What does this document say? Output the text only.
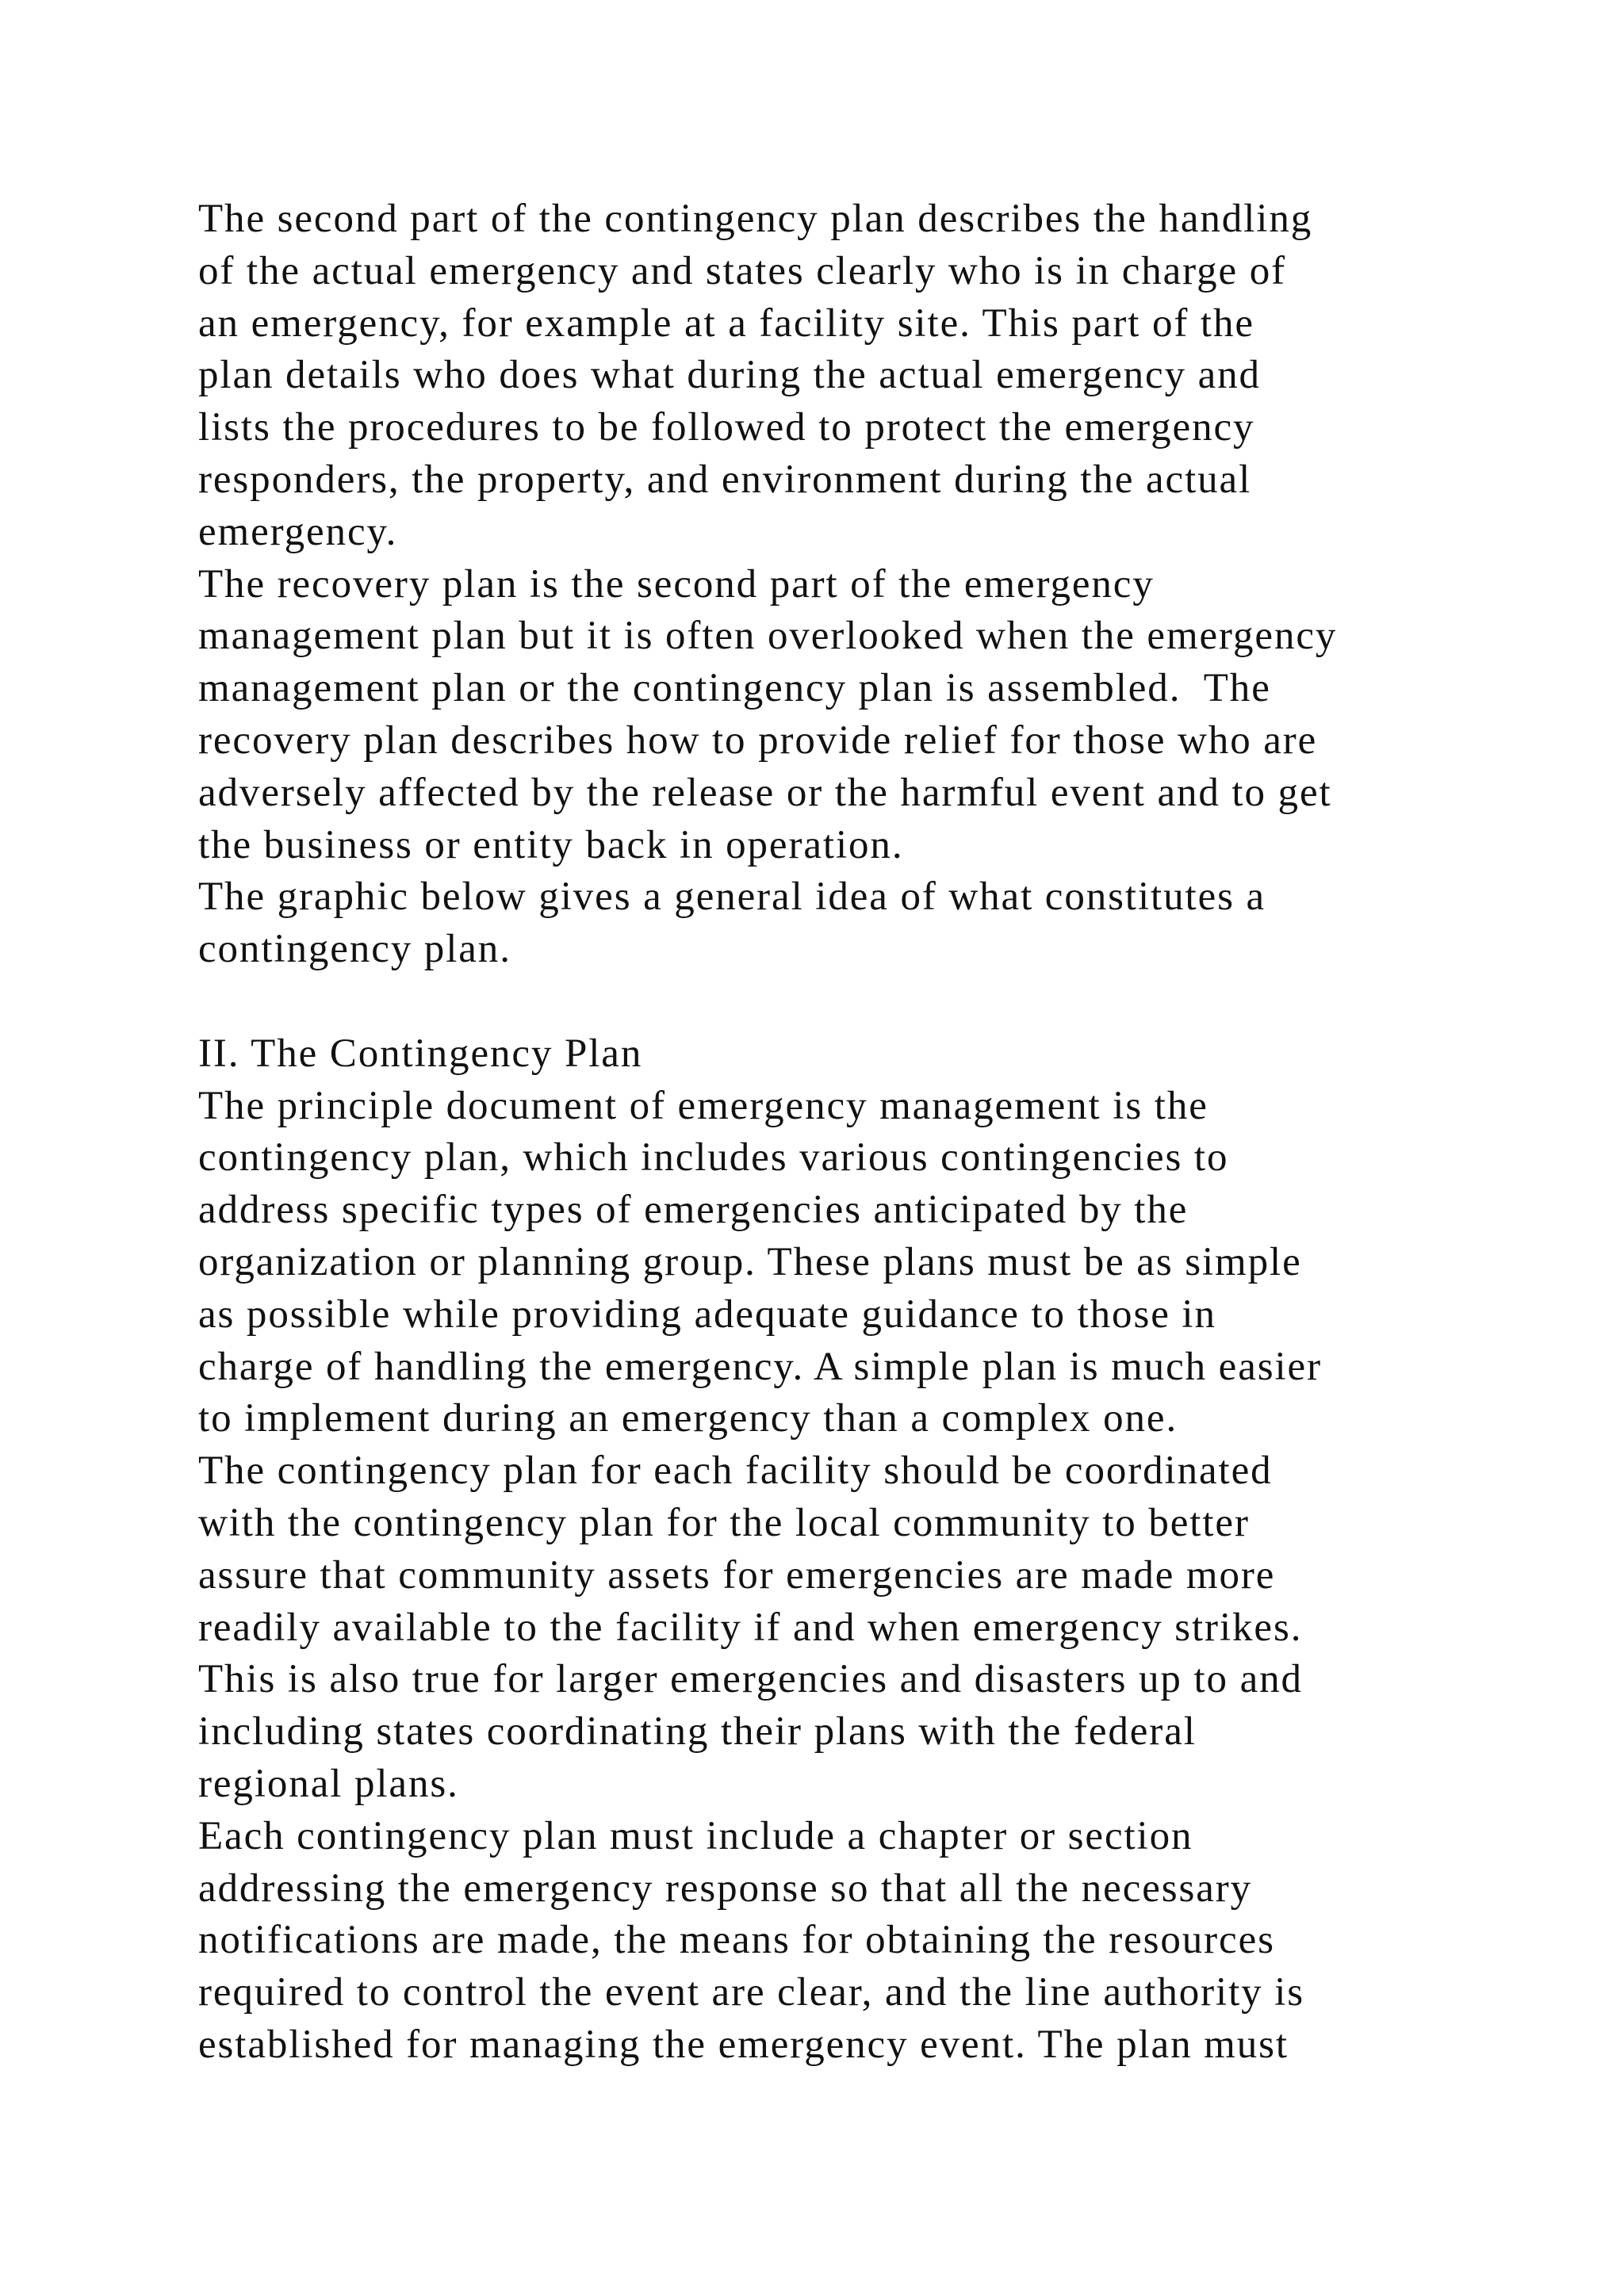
The second part of the contingency plan describes the handling
of the actual emergency and states clearly who is in charge of
an emergency, for example at a facility site. This part of the
plan details who does what during the actual emergency and
lists the procedures to be followed to protect the emergency
responders, the property, and environment during the actual
emergency.
The recovery plan is the second part of the emergency
management plan but it is often overlooked when the emergency
management plan or the contingency plan is assembled.  The
recovery plan describes how to provide relief for those who are
adversely affected by the release or the harmful event and to get
the business or entity back in operation.
The graphic below gives a general idea of what constitutes a
contingency plan.
II. The Contingency Plan
The principle document of emergency management is the
contingency plan, which includes various contingencies to
address specific types of emergencies anticipated by the
organization or planning group. These plans must be as simple
as possible while providing adequate guidance to those in
charge of handling the emergency. A simple plan is much easier
to implement during an emergency than a complex one.
The contingency plan for each facility should be coordinated
with the contingency plan for the local community to better
assure that community assets for emergencies are made more
readily available to the facility if and when emergency strikes.
This is also true for larger emergencies and disasters up to and
including states coordinating their plans with the federal
regional plans.
Each contingency plan must include a chapter or section
addressing the emergency response so that all the necessary
notifications are made, the means for obtaining the resources
required to control the event are clear, and the line authority is
established for managing the emergency event. The plan must
